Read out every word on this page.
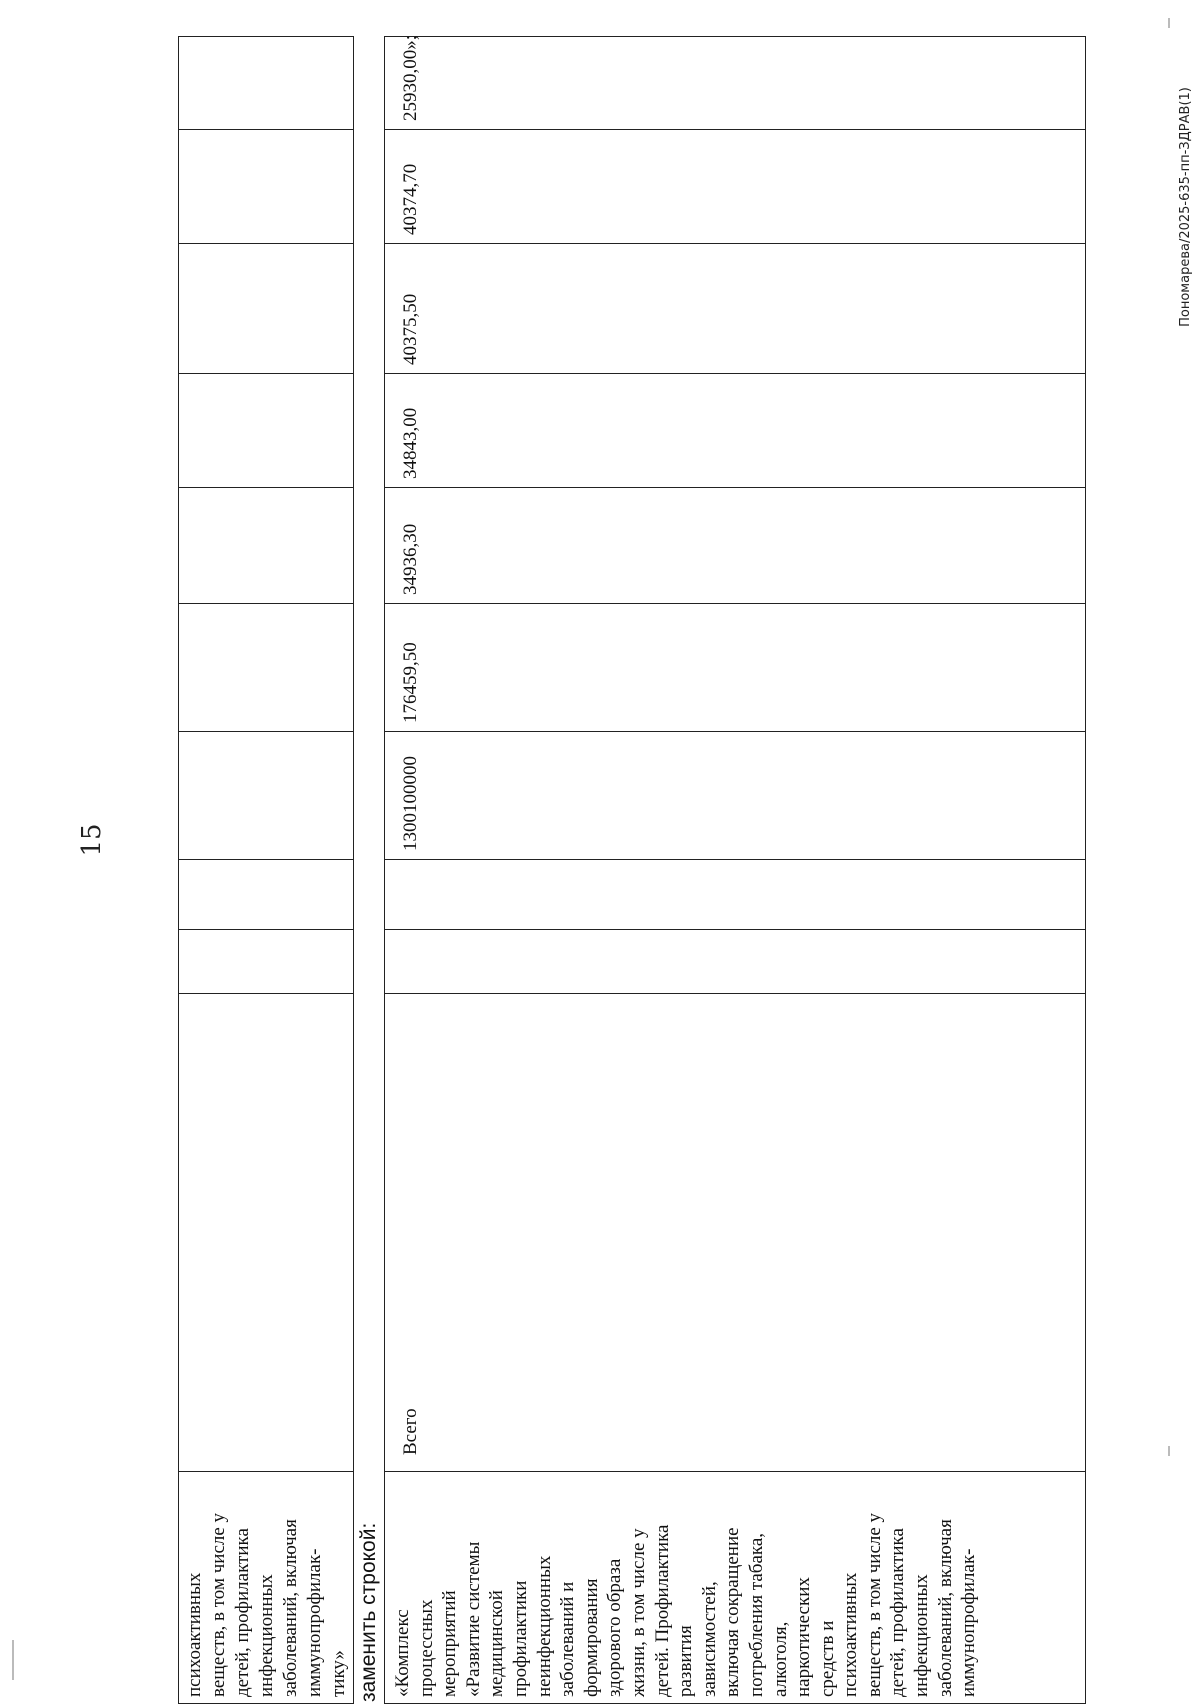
15
Пономарева/2025-635-пп-ЗДРАВ(1)
психоактивных веществ, в том числе у детей, профилактика инфекционных заболеваний, включая иммунопрофилак- тику» заменить строкой: «Комплекс процессных мероприятий «Развитие системы медицинской профилактики неинфекционных заболеваний и формирования здорового образа жизни, в том числе у детей. Профилактика развития зависимостей, включая сокращение потребления табака, алкоголя, наркотических средств и психоактивных веществ, в том числе у детей, профилактика инфекционных заболеваний, включая иммунопрофилак-
Всего
1300100000
176459,50
34936,30
34843,00
40375,50
40374,70
25930,00»;
